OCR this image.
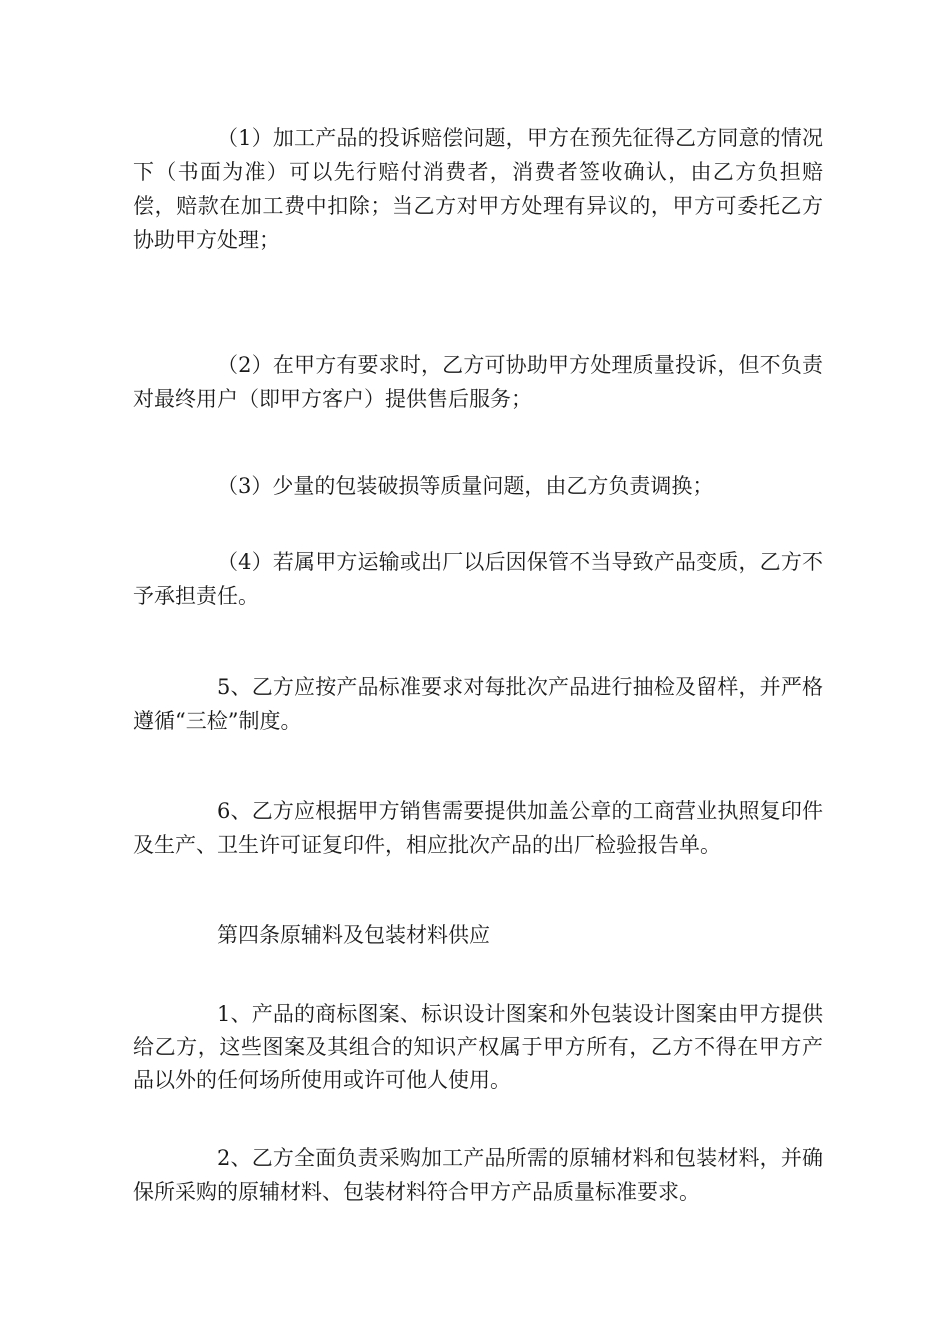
（1）加工产品的投诉赔偿问题，甲方在预先征得乙方同意的情况下（书面为准）可以先行赔付消费者，消费者签收确认，由乙方负担赔偿，赔款在加工费中扣除；当乙方对甲方处理有异议的，甲方可委托乙方协助甲方处理；

（2）在甲方有要求时，乙方可协助甲方处理质量投诉，但不负责对最终用户（即甲方客户）提供售后服务；

（3）少量的包装破损等质量问题，由乙方负责调换；

（4）若属甲方运输或出厂以后因保管不当导致产品变质，乙方不予承担责任。

5、乙方应按产品标准要求对每批次产品进行抽检及留样，并严格遵循“三检”制度。

6、乙方应根据甲方销售需要提供加盖公章的工商营业执照复印件及生产、卫生许可证复印件，相应批次产品的出厂检验报告单。

第四条原辅料及包装材料供应

1、产品的商标图案、标识设计图案和外包装设计图案由甲方提供给乙方，这些图案及其组合的知识产权属于甲方所有，乙方不得在甲方产品以外的任何场所使用或许可他人使用。

2、乙方全面负责采购加工产品所需的原辅材料和包装材料，并确保所采购的原辅材料、包装材料符合甲方产品质量标准要求。
